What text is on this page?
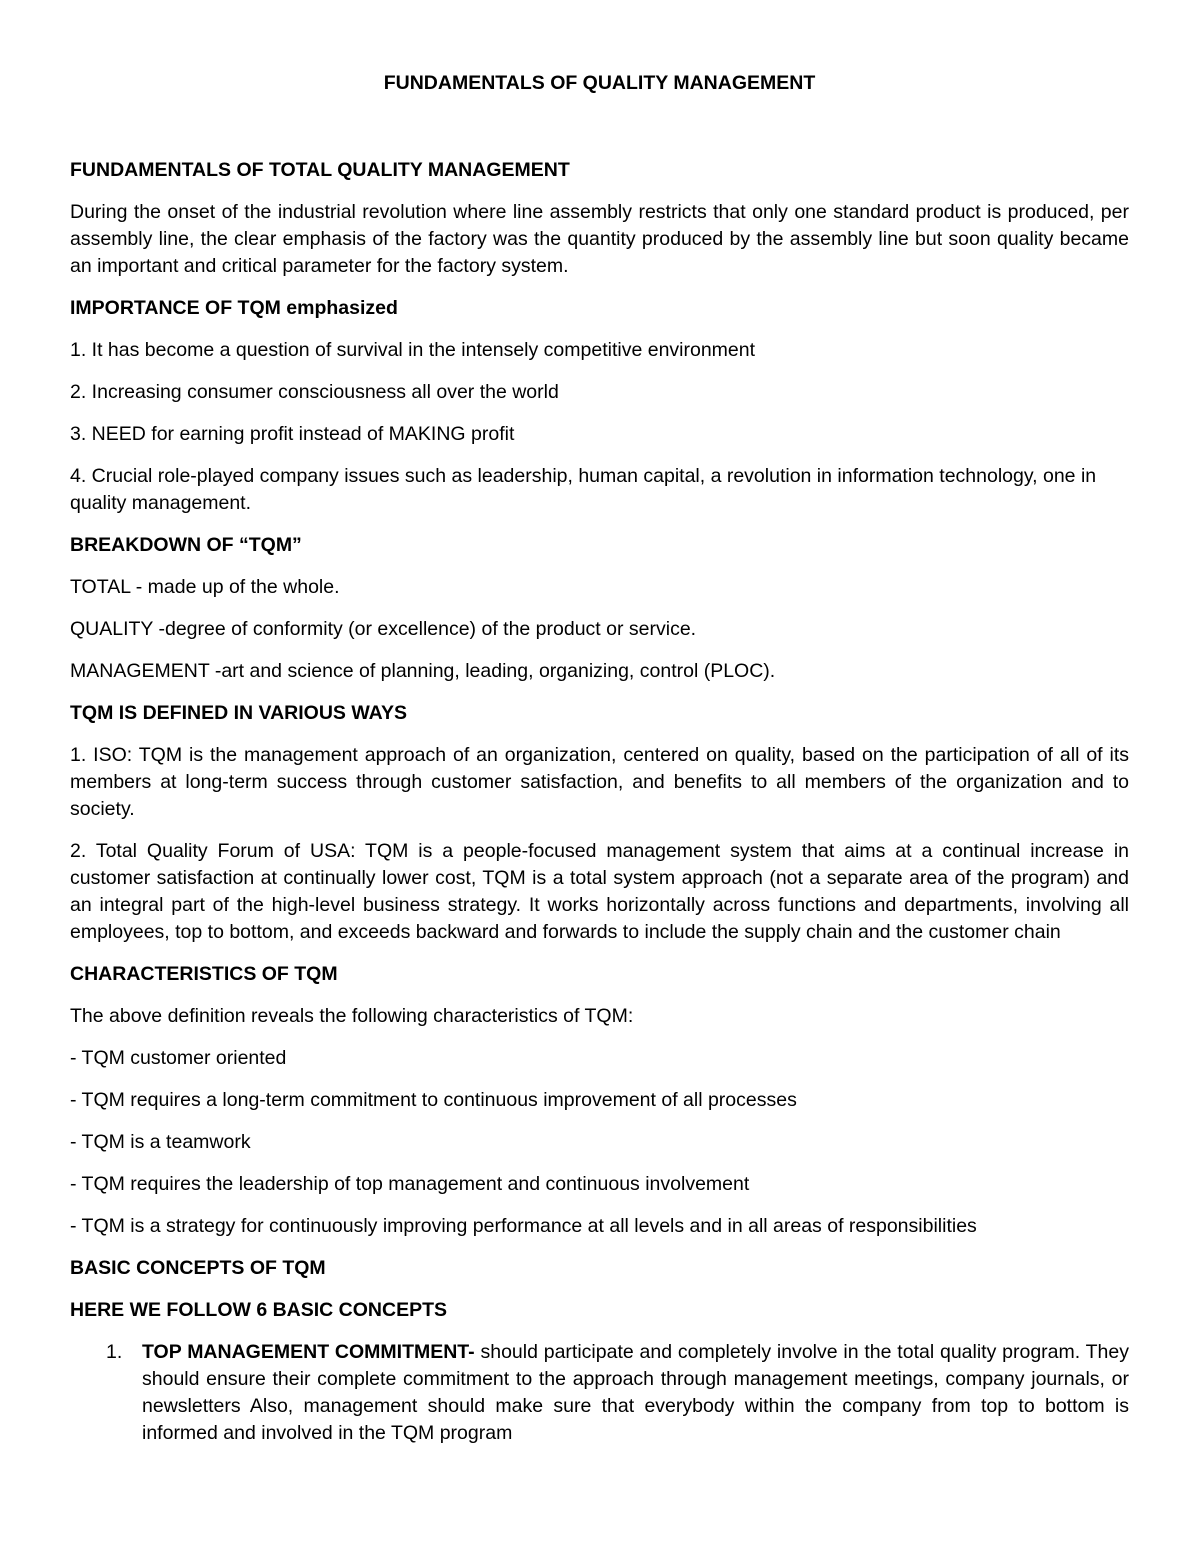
FUNDAMENTALS OF QUALITY MANAGEMENT
FUNDAMENTALS OF TOTAL QUALITY MANAGEMENT

During the onset of the industrial revolution where line assembly restricts that only one standard product is produced, per assembly line, the clear emphasis of the factory was the quantity produced by the assembly line but soon quality became an important and critical parameter for the factory system.

IMPORTANCE OF TQM emphasized
1. It has become a question of survival in the intensely competitive environment
2. Increasing consumer consciousness all over the world
3. NEED for earning profit instead of MAKING profit
4. Crucial role-played company issues such as leadership, human capital, a revolution in information technology, one in quality management.
BREAKDOWN OF “TQM”
TOTAL - made up of the whole.
QUALITY -degree of conformity (or excellence) of the product or service.
MANAGEMENT -art and science of planning, leading, organizing, control (PLOC).
TQM IS DEFINED IN VARIOUS WAYS

1. ISO: TQM is the management approach of an organization, centered on quality, based on the participation of all of its members at long-term success through customer satisfaction, and benefits to all members of the organization and to society.

2. Total Quality Forum of USA: TQM is a people-focused management system that aims at a continual increase in customer satisfaction at continually lower cost, TQM is a total system approach (not a separate area of the program) and an integral part of the high-level business strategy. It works horizontally across functions and departments, involving all employees, top to bottom, and exceeds backward and forwards to include the supply chain and the customer chain

CHARACTERISTICS OF TQM
The above definition reveals the following characteristics of TQM:
- TQM customer oriented
- TQM requires a long-term commitment to continuous improvement of all processes
- TQM is a teamwork
- TQM requires the leadership of top management and continuous involvement
- TQM is a strategy for continuously improving performance at all levels and in all areas of responsibilities
BASIC CONCEPTS OF TQM
HERE WE FOLLOW 6 BASIC CONCEPTS
1. TOP MANAGEMENT COMMITMENT- should participate and completely involve in the total quality program. They should ensure their complete commitment to the approach through management meetings, company journals, or newsletters Also, management should make sure that everybody within the company from top to bottom is informed and involved in the TQM program
